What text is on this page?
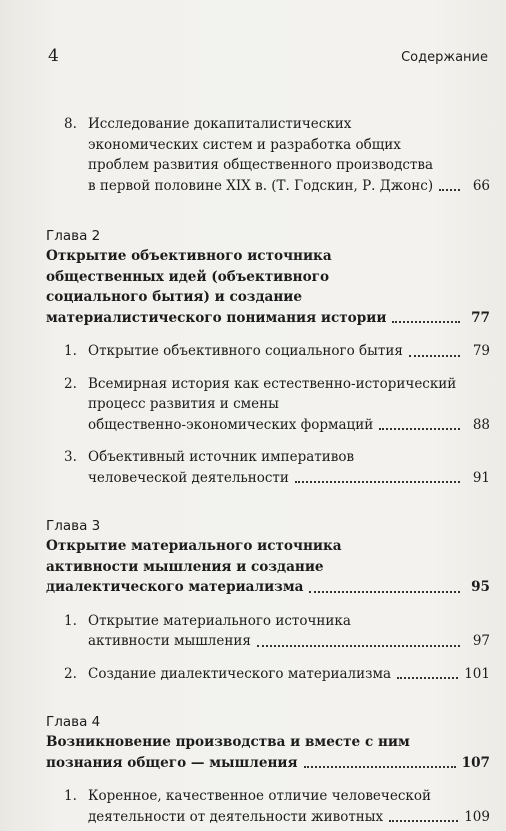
4	Содержание
8. Исследование докапиталистических
экономических систем и разработка общих
проблем развития общественного производства
в первой половине XIX в. (Т. Годскин, Р. Джонс)	66
Глава 2
Открытие объективного источника
общественных идей (объективного
социального бытия) и создание
материалистического понимания истории	77
1. Открытие объективного социального бытия	79
2. Всемирная история как естественно-исторический
процесс развития и смены
общественно-экономических формаций	88
3. Объективный источник императивов
человеческой деятельности	91
Глава 3
Открытие материального источника
активности мышления и создание
диалектического материализма	95
1. Открытие материального источника
активности мышления	97
2. Создание диалектического материализма	101
Глава 4
Возникновение производства и вместе с ним
познания общего — мышления	107
1. Коренное, качественное отличие человеческой
деятельности от деятельности животных	109
